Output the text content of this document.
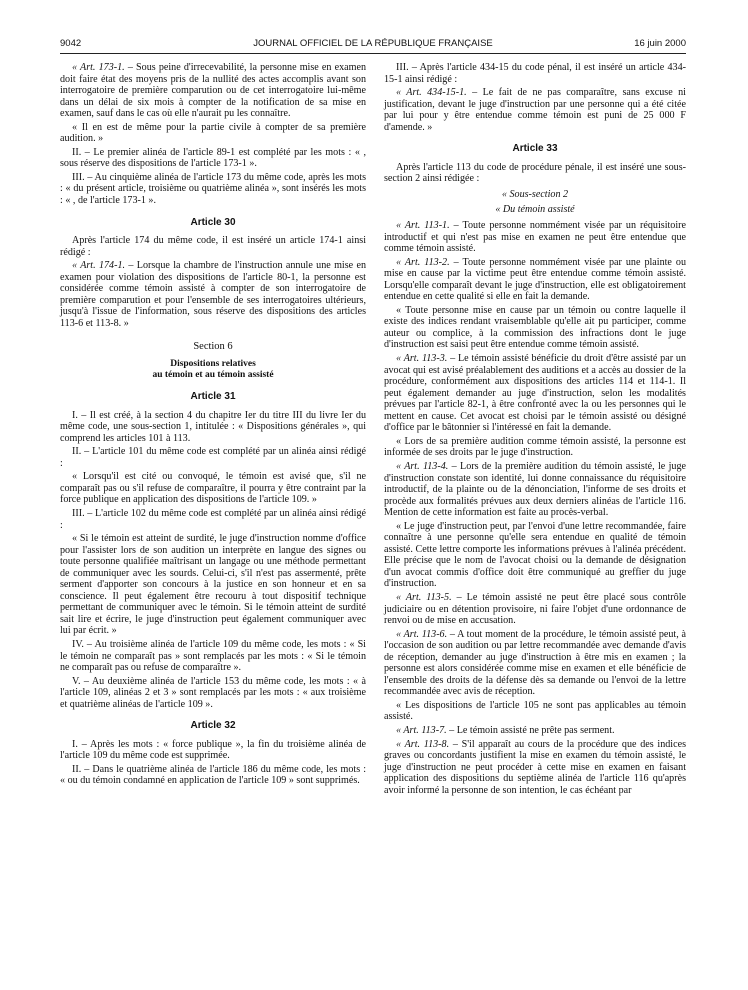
9042	JOURNAL OFFICIEL DE LA RÉPUBLIQUE FRANÇAISE	16 juin 2000

« Art. 173-1. – Sous peine d'irrecevabilité, la personne mise en examen doit faire état des moyens pris de la nullité des actes accomplis avant son interrogatoire de première comparution ou de cet interrogatoire lui-même dans un délai de six mois à compter de la notification de sa mise en examen, sauf dans le cas où elle n'aurait pu les connaître.

« Il en est de même pour la partie civile à compter de sa première audition. »

II. – Le premier alinéa de l'article 89-1 est complété par les mots : « , sous réserve des dispositions de l'article 173-1 ».

III. – Au cinquième alinéa de l'article 173 du même code, après les mots : « du présent article, troisième ou quatrième alinéa », sont insérés les mots : « , de l'article 173-1 ».

Article 30

Après l'article 174 du même code, il est inséré un article 174-1 ainsi rédigé :

« Art. 174-1. – Lorsque la chambre de l'instruction annule une mise en examen pour violation des dispositions de l'article 80-1, la personne est considérée comme témoin assisté à compter de son interrogatoire de première comparution et pour l'ensemble de ses interrogatoires ultérieurs, jusqu'à l'issue de l'information, sous réserve des dispositions des articles 113-6 et 113-8. »

Section 6

Dispositions relatives

au témoin et au témoin assisté

Article 31

I. – Il est créé, à la section 4 du chapitre Ier du titre III du livre Ier du même code, une sous-section 1, intitulée : « Dispositions générales », qui comprend les articles 101 à 113.

II. – L'article 101 du même code est complété par un alinéa ainsi rédigé :

« Lorsqu'il est cité ou convoqué, le témoin est avisé que, s'il ne comparaît pas ou s'il refuse de comparaître, il pourra y être contraint par la force publique en application des dispositions de l'article 109. »

III. – L'article 102 du même code est complété par un alinéa ainsi rédigé :

« Si le témoin est atteint de surdité, le juge d'instruction nomme d'office pour l'assister lors de son audition un interprète en langue des signes ou toute personne qualifiée maîtrisant un langage ou une méthode permettant de communiquer avec les sourds. Celui-ci, s'il n'est pas assermenté, prête serment d'apporter son concours à la justice en son honneur et en sa conscience. Il peut également être recouru à tout dispositif technique permettant de communiquer avec le témoin. Si le témoin atteint de surdité sait lire et écrire, le juge d'instruction peut également communiquer avec lui par écrit. »

IV. – Au troisième alinéa de l'article 109 du même code, les mots : « Si le témoin ne comparaît pas » sont remplacés par les mots : « Si le témoin ne comparaît pas ou refuse de comparaître ».

V. – Au deuxième alinéa de l'article 153 du même code, les mots : « à l'article 109, alinéas 2 et 3 » sont remplacés par les mots : « aux troisième et quatrième alinéas de l'article 109 ».

Article 32

I. – Après les mots : « force publique », la fin du troisième alinéa de l'article 109 du même code est supprimée.

II. – Dans le quatrième alinéa de l'article 186 du même code, les mots : « ou du témoin condamné en application de l'article 109 » sont supprimés.

III. – Après l'article 434-15 du code pénal, il est inséré un article 434-15-1 ainsi rédigé :

« Art. 434-15-1. – Le fait de ne pas comparaître, sans excuse ni justification, devant le juge d'instruction par une personne qui a été citée par lui pour y être entendue comme témoin est puni de 25 000 F d'amende. »

Article 33

Après l'article 113 du code de procédure pénale, il est inséré une sous-section 2 ainsi rédigée :

« Sous-section 2

« Du témoin assisté

« Art. 113-1. – Toute personne nommément visée par un réquisitoire introductif et qui n'est pas mise en examen ne peut être entendue que comme témoin assisté.

« Art. 113-2. – Toute personne nommément visée par une plainte ou mise en cause par la victime peut être entendue comme témoin assisté. Lorsqu'elle comparaît devant le juge d'instruction, elle est obligatoirement entendue en cette qualité si elle en fait la demande.

« Toute personne mise en cause par un témoin ou contre laquelle il existe des indices rendant vraisemblable qu'elle ait pu participer, comme auteur ou complice, à la commission des infractions dont le juge d'instruction est saisi peut être entendue comme témoin assisté.

« Art. 113-3. – Le témoin assisté bénéficie du droit d'être assisté par un avocat qui est avisé préalablement des auditions et a accès au dossier de la procédure, conformément aux dispositions des articles 114 et 114-1. Il peut également demander au juge d'instruction, selon les modalités prévues par l'article 82-1, à être confronté avec la ou les personnes qui le mettent en cause. Cet avocat est choisi par le témoin assisté ou désigné d'office par le bâtonnier si l'intéressé en fait la demande.

« Lors de sa première audition comme témoin assisté, la personne est informée de ses droits par le juge d'instruction.

« Art. 113-4. – Lors de la première audition du témoin assisté, le juge d'instruction constate son identité, lui donne connaissance du réquisitoire introductif, de la plainte ou de la dénonciation, l'informe de ses droits et procède aux formalités prévues aux deux derniers alinéas de l'article 116. Mention de cette information est faite au procès-verbal.

« Le juge d'instruction peut, par l'envoi d'une lettre recommandée, faire connaître à une personne qu'elle sera entendue en qualité de témoin assisté. Cette lettre comporte les informations prévues à l'alinéa précédent. Elle précise que le nom de l'avocat choisi ou la demande de désignation d'un avocat commis d'office doit être communiqué au greffier du juge d'instruction.

« Art. 113-5. – Le témoin assisté ne peut être placé sous contrôle judiciaire ou en détention provisoire, ni faire l'objet d'une ordonnance de renvoi ou de mise en accusation.

« Art. 113-6. – A tout moment de la procédure, le témoin assisté peut, à l'occasion de son audition ou par lettre recommandée avec demande d'avis de réception, demander au juge d'instruction à être mis en examen ; la personne est alors considérée comme mise en examen et elle bénéficie de l'ensemble des droits de la défense dès sa demande ou l'envoi de la lettre recommandée avec avis de réception.

« Les dispositions de l'article 105 ne sont pas applicables au témoin assisté.

« Art. 113-7. – Le témoin assisté ne prête pas serment.

« Art. 113-8. – S'il apparaît au cours de la procédure que des indices graves ou concordants justifient la mise en examen du témoin assisté, le juge d'instruction ne peut procéder à cette mise en examen en faisant application des dispositions du septième alinéa de l'article 116 qu'après avoir informé la personne de son intention, le cas échéant par
